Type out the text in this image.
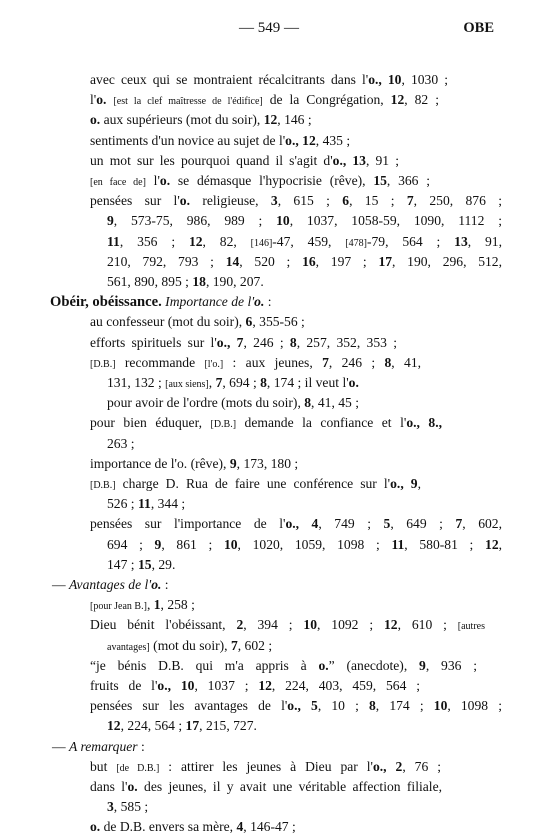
— 549 —	OBE
avec ceux qui se montraient récalcitrants dans l'o., 10, 1030 ;
l'o. [est la clef maîtresse de l'édifice] de la Congrégation, 12, 82 ;
o. aux supérieurs (mot du soir), 12, 146 ;
sentiments d'un novice au sujet de l'o., 12, 435 ;
un mot sur les pourquoi quand il s'agit d'o., 13, 91 ;
[en face de] l'o. se démasque l'hypocrisie (rêve), 15, 366 ;
pensées sur l'o. religieuse, 3, 615 ; 6, 15 ; 7, 250, 876 ;
9, 573-75, 986, 989 ; 10, 1037, 1058-59, 1090, 1112 ;
11, 356 ; 12, 82, [146]-47, 459, [478]-79, 564 ; 13, 91,
210, 792, 793 ; 14, 520 ; 16, 197 ; 17, 190, 296, 512,
561, 890, 895 ; 18, 190, 207.
Obéir, obéissance. Importance de l'o. :
au confesseur (mot du soir), 6, 355-56 ;
efforts spirituels sur l'o., 7, 246 ; 8, 257, 352, 353 ;
[D.B.] recommande [l'o.] : aux jeunes, 7, 246 ; 8, 41,
131, 132 ; [aux siens], 7, 694 ; 8, 174 ; il veut l'o.
pour avoir de l'ordre (mots du soir), 8, 41, 45 ;
pour bien éduquer, [D.B.] demande la confiance et l'o., 8.,
263 ;
importance de l'o. (rêve), 9, 173, 180 ;
[D.B.] charge D. Rua de faire une conférence sur l'o., 9,
526 ; 11, 344 ;
pensées sur l'importance de l'o., 4, 749 ; 5, 649 ; 7, 602,
694 ; 9, 861 ; 10, 1020, 1059, 1098 ; 11, 580-81 ; 12,
147 ; 15, 29.
— Avantages de l'o. :
[pour Jean B.], 1, 258 ;
Dieu bénit l'obéissant, 2, 394 ; 10, 1092 ; 12, 610 ; [autres
avantages] (mot du soir), 7, 602 ;
“je bénis D.B. qui m'a appris à o.” (anecdote), 9, 936 ;
fruits de l'o., 10, 1037 ; 12, 224, 403, 459, 564 ;
pensées sur les avantages de l'o., 5, 10 ; 8, 174 ; 10, 1098 ;
12, 224, 564 ; 17, 215, 727.
— A remarquer :
but [de D.B.] : attirer les jeunes à Dieu par l'o., 2, 76 ;
dans l'o. des jeunes, il y avait une véritable affection filiale,
3, 585 ;
o. de D.B. envers sa mère, 4, 146-47 ;
